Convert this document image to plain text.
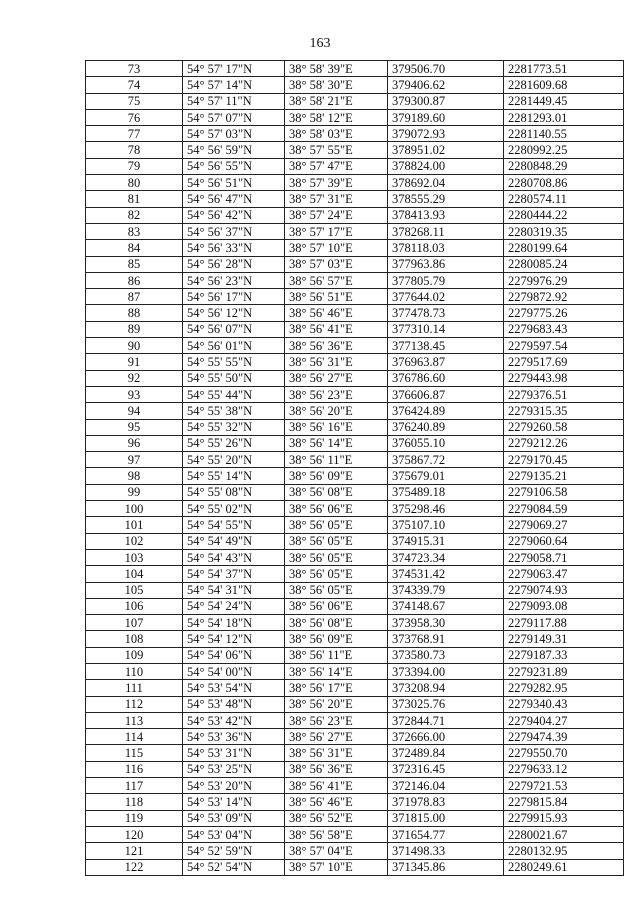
163
73	54° 57' 17"N	38° 58' 39"E	379506.70	2281773.51
74	54° 57' 14"N	38° 58' 30"E	379406.62	2281609.68
75	54° 57' 11"N	38° 58' 21"E	379300.87	2281449.45
76	54° 57' 07"N	38° 58' 12"E	379189.60	2281293.01
77	54° 57' 03"N	38° 58' 03"E	379072.93	2281140.55
78	54° 56' 59"N	38° 57' 55"E	378951.02	2280992.25
79	54° 56' 55"N	38° 57' 47"E	378824.00	2280848.29
80	54° 56' 51"N	38° 57' 39"E	378692.04	2280708.86
81	54° 56' 47"N	38° 57' 31"E	378555.29	2280574.11
82	54° 56' 42"N	38° 57' 24"E	378413.93	2280444.22
83	54° 56' 37"N	38° 57' 17"E	378268.11	2280319.35
84	54° 56' 33"N	38° 57' 10"E	378118.03	2280199.64
85	54° 56' 28"N	38° 57' 03"E	377963.86	2280085.24
86	54° 56' 23"N	38° 56' 57"E	377805.79	2279976.29
87	54° 56' 17"N	38° 56' 51"E	377644.02	2279872.92
88	54° 56' 12"N	38° 56' 46"E	377478.73	2279775.26
89	54° 56' 07"N	38° 56' 41"E	377310.14	2279683.43
90	54° 56' 01"N	38° 56' 36"E	377138.45	2279597.54
91	54° 55' 55"N	38° 56' 31"E	376963.87	2279517.69
92	54° 55' 50"N	38° 56' 27"E	376786.60	2279443.98
93	54° 55' 44"N	38° 56' 23"E	376606.87	2279376.51
94	54° 55' 38"N	38° 56' 20"E	376424.89	2279315.35
95	54° 55' 32"N	38° 56' 16"E	376240.89	2279260.58
96	54° 55' 26"N	38° 56' 14"E	376055.10	2279212.26
97	54° 55' 20"N	38° 56' 11"E	375867.72	2279170.45
98	54° 55' 14"N	38° 56' 09"E	375679.01	2279135.21
99	54° 55' 08"N	38° 56' 08"E	375489.18	2279106.58
100	54° 55' 02"N	38° 56' 06"E	375298.46	2279084.59
101	54° 54' 55"N	38° 56' 05"E	375107.10	2279069.27
102	54° 54' 49"N	38° 56' 05"E	374915.31	2279060.64
103	54° 54' 43"N	38° 56' 05"E	374723.34	2279058.71
104	54° 54' 37"N	38° 56' 05"E	374531.42	2279063.47
105	54° 54' 31"N	38° 56' 05"E	374339.79	2279074.93
106	54° 54' 24"N	38° 56' 06"E	374148.67	2279093.08
107	54° 54' 18"N	38° 56' 08"E	373958.30	2279117.88
108	54° 54' 12"N	38° 56' 09"E	373768.91	2279149.31
109	54° 54' 06"N	38° 56' 11"E	373580.73	2279187.33
110	54° 54' 00"N	38° 56' 14"E	373394.00	2279231.89
111	54° 53' 54"N	38° 56' 17"E	373208.94	2279282.95
112	54° 53' 48"N	38° 56' 20"E	373025.76	2279340.43
113	54° 53' 42"N	38° 56' 23"E	372844.71	2279404.27
114	54° 53' 36"N	38° 56' 27"E	372666.00	2279474.39
115	54° 53' 31"N	38° 56' 31"E	372489.84	2279550.70
116	54° 53' 25"N	38° 56' 36"E	372316.45	2279633.12
117	54° 53' 20"N	38° 56' 41"E	372146.04	2279721.53
118	54° 53' 14"N	38° 56' 46"E	371978.83	2279815.84
119	54° 53' 09"N	38° 56' 52"E	371815.00	2279915.93
120	54° 53' 04"N	38° 56' 58"E	371654.77	2280021.67
121	54° 52' 59"N	38° 57' 04"E	371498.33	2280132.95
122	54° 52' 54"N	38° 57' 10"E	371345.86	2280249.61
